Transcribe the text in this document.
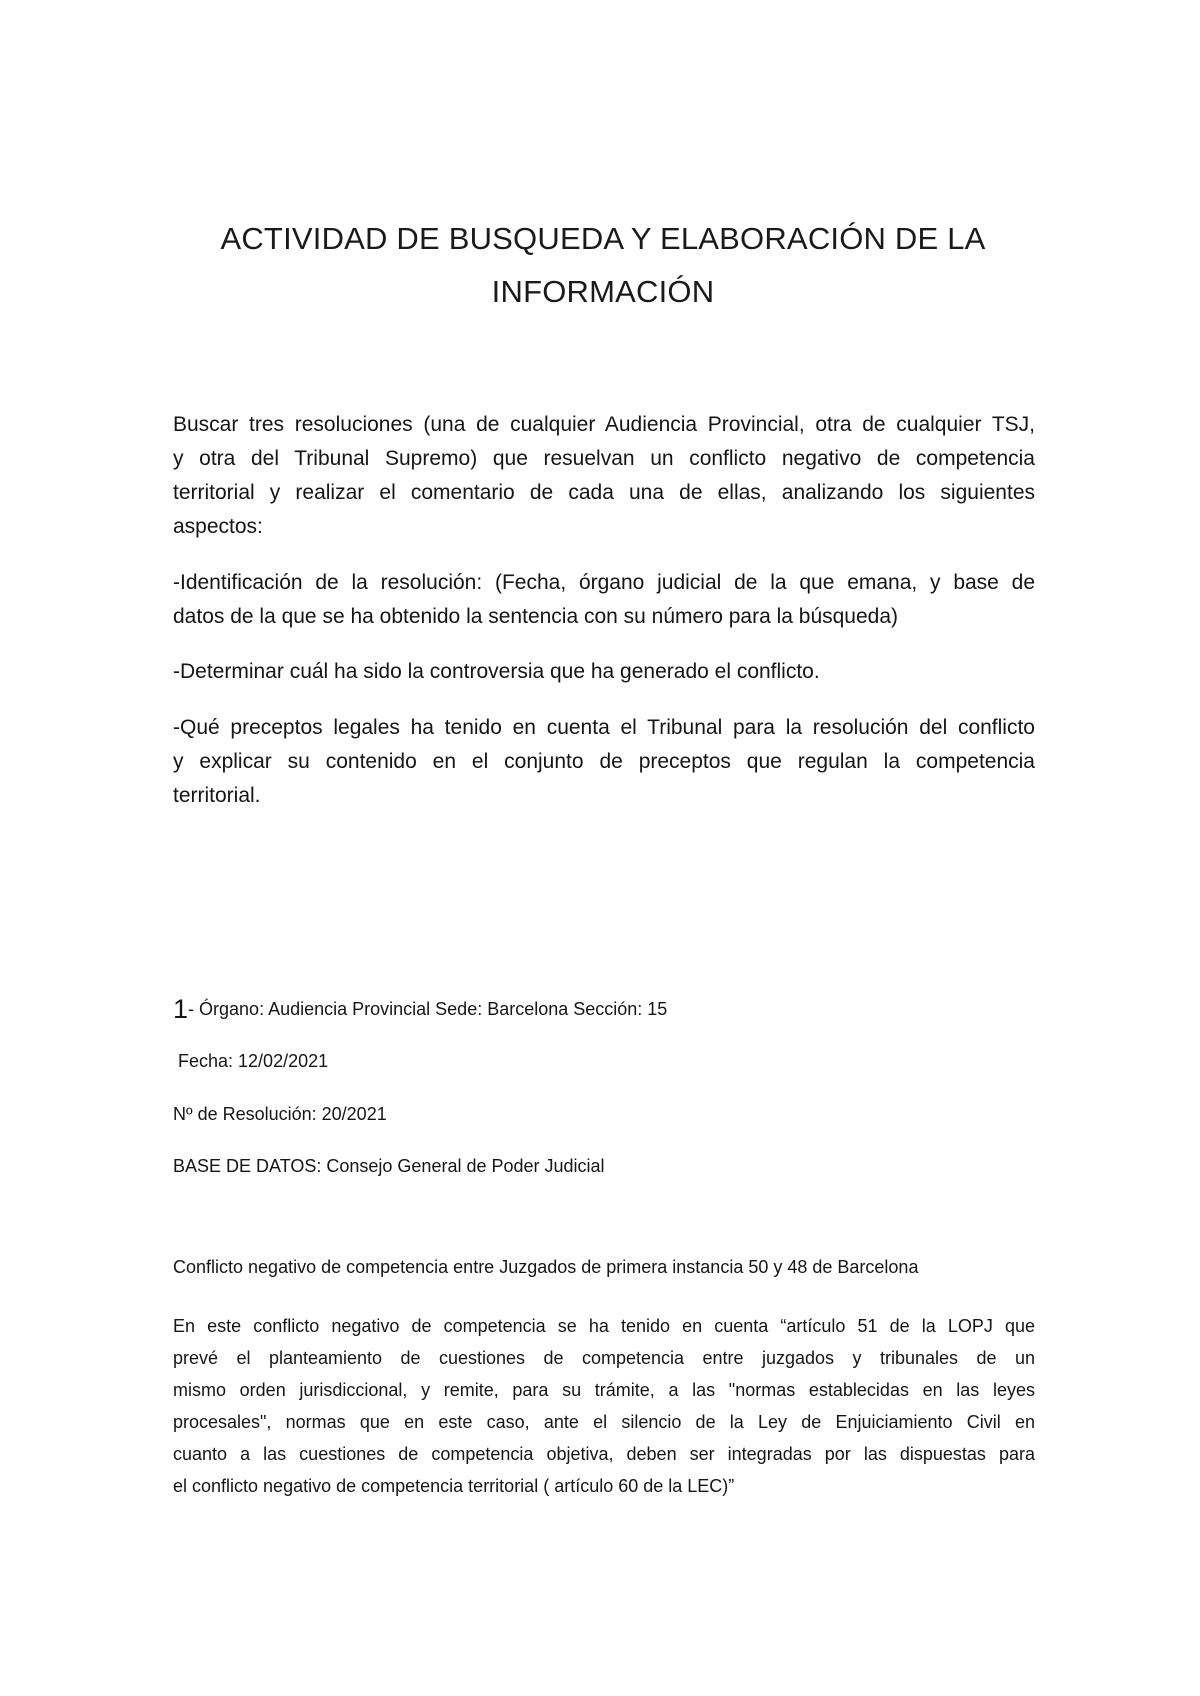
ACTIVIDAD DE BUSQUEDA Y ELABORACIÓN DE LA
INFORMACIÓN
Buscar tres resoluciones (una de cualquier Audiencia Provincial, otra de cualquier TSJ,
y otra del Tribunal Supremo) que resuelvan un conflicto negativo de competencia
territorial y realizar el comentario de cada una de ellas, analizando los siguientes
aspectos:
-Identificación de la resolución: (Fecha, órgano judicial de la que emana, y base de
datos de la que se ha obtenido la sentencia con su número para la búsqueda)
-Determinar cuál ha sido la controversia que ha generado el conflicto.
-Qué preceptos legales ha tenido en cuenta el Tribunal para la resolución del conflicto
y explicar su contenido en el conjunto de preceptos que regulan la competencia
territorial.
1- Órgano: Audiencia Provincial Sede: Barcelona Sección: 15
Fecha: 12/02/2021
Nº de Resolución: 20/2021
BASE DE DATOS: Consejo General de Poder Judicial
Conflicto negativo de competencia entre Juzgados de primera instancia 50 y 48 de Barcelona
En este conflicto negativo de competencia se ha tenido en cuenta “artículo 51 de la LOPJ que
prevé el planteamiento de cuestiones de competencia entre juzgados y tribunales de un
mismo orden jurisdiccional, y remite, para su trámite, a las "normas establecidas en las leyes
procesales", normas que en este caso, ante el silencio de la Ley de Enjuiciamiento Civil en
cuanto a las cuestiones de competencia objetiva, deben ser integradas por las dispuestas para
el conflicto negativo de competencia territorial ( artículo 60 de la LEC)”
